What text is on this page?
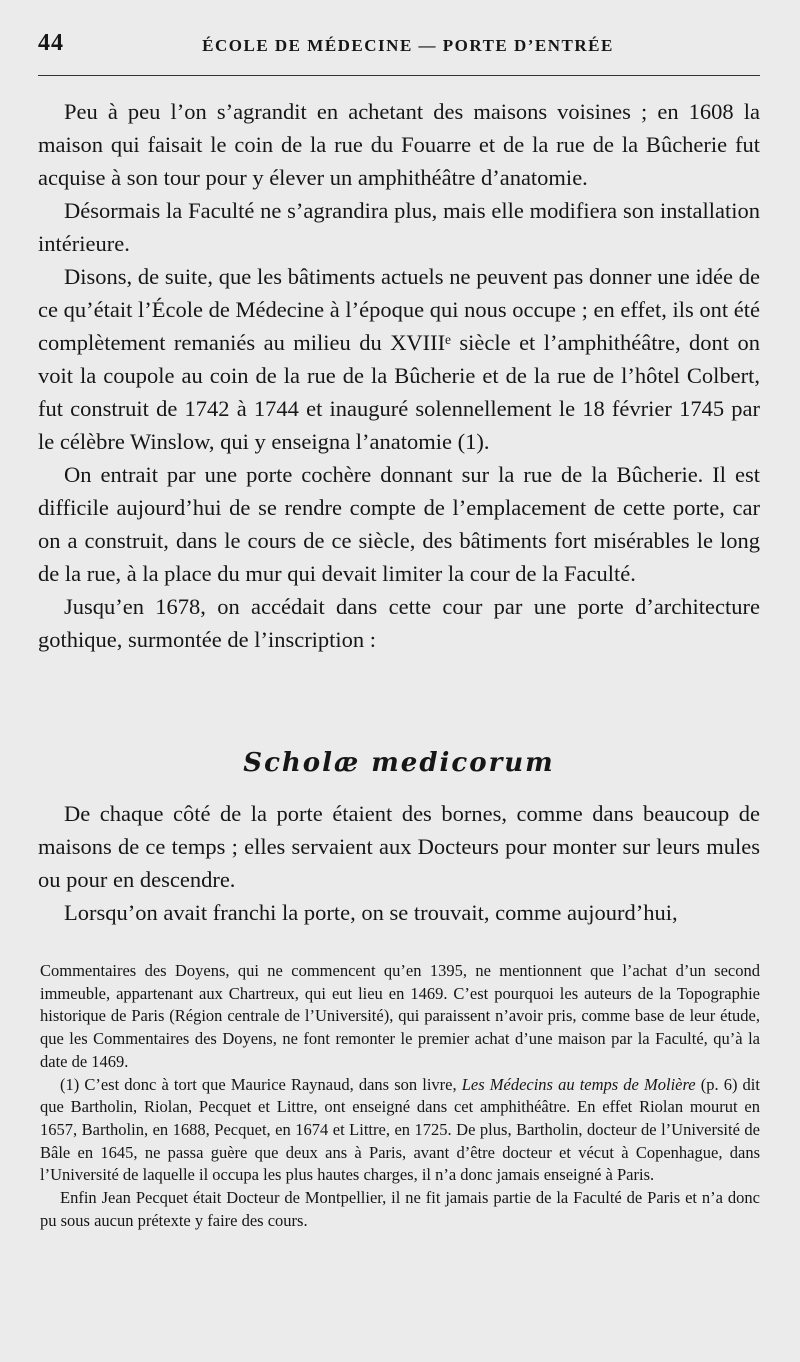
44	ÉCOLE DE MÉDECINE — PORTE D’ENTRÉE

Peu à peu l’on s’agrandit en achetant des maisons voisines ; en 1608 la maison qui faisait le coin de la rue du Fouarre et de la rue de la Bûcherie fut acquise à son tour pour y élever un amphithéâtre d’anatomie.

Désormais la Faculté ne s’agrandira plus, mais elle modifiera son installation intérieure.

Disons, de suite, que les bâtiments actuels ne peuvent pas donner une idée de ce qu’était l’École de Médecine à l’époque qui nous occupe ; en effet, ils ont été complètement remaniés au milieu du XVIIIᵉ siècle et l’amphithéâtre, dont on voit la coupole au coin de la rue de la Bûcherie et de la rue de l’hôtel Colbert, fut construit de 1742 à 1744 et inauguré solennellement le 18 février 1745 par le célèbre Winslow, qui y enseigna l’anatomie (1).

On entrait par une porte cochère donnant sur la rue de la Bûcherie. Il est difficile aujourd’hui de se rendre compte de l’emplacement de cette porte, car on a construit, dans le cours de ce siècle, des bâtiments fort misérables le long de la rue, à la place du mur qui devait limiter la cour de la Faculté.

Jusqu’en 1678, on accédait dans cette cour par une porte d’architecture gothique, surmontée de l’inscription :

Scholæ medicorum

De chaque côté de la porte étaient des bornes, comme dans beaucoup de maisons de ce temps ; elles servaient aux Docteurs pour monter sur leurs mules ou pour en descendre.

Lorsqu’on avait franchi la porte, on se trouvait, comme aujourd’hui,

Commentaires des Doyens, qui ne commencent qu’en 1395, ne mentionnent que l’achat d’un second immeuble, appartenant aux Chartreux, qui eut lieu en 1469. C’est pourquoi les auteurs de la Topographie historique de Paris (Région centrale de l’Université), qui paraissent n’avoir pris, comme base de leur étude, que les Commentaires des Doyens, ne font remonter le premier achat d’une maison par la Faculté, qu’à la date de 1469.

(1) C’est donc à tort que Maurice Raynaud, dans son livre, Les Médecins au temps de Molière (p. 6) dit que Bartholin, Riolan, Pecquet et Littre, ont enseigné dans cet amphithéâtre. En effet Riolan mourut en 1657, Bartholin, en 1688, Pecquet, en 1674 et Littre, en 1725. De plus, Bartholin, docteur de l’Université de Bâle en 1645, ne passa guère que deux ans à Paris, avant d’être docteur et vécut à Copenhague, dans l’Université de laquelle il occupa les plus hautes charges, il n’a donc jamais enseigné à Paris.

Enfin Jean Pecquet était Docteur de Montpellier, il ne fit jamais partie de la Faculté de Paris et n’a donc pu sous aucun prétexte y faire des cours.
